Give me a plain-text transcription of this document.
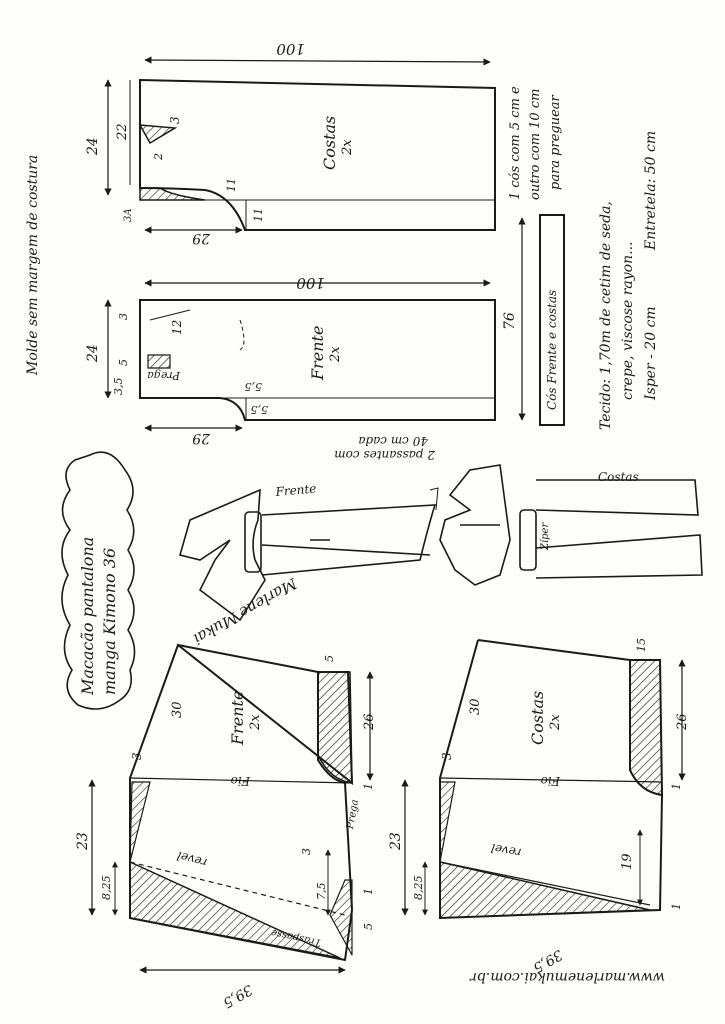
100
Costas 2x
24
22
3
2
11
11
3A
29
100
Frente 2x
24
3
12
5
3,5
Prega
5,5
5,5
29
Cós Frente e costas
76
Molde sem margem de costura
1 cós com 5 cm e outro com 10 cm para preguear
Tecido: 1,70m de cetim de seda, crepe, viscose rayon... Isper - 20 cm
Entretela: 50 cm
2 passantes com
40 cm cada
www.marlenemukai.com.br
Marlene Mukai
Macacão pantalona manga Kimono 36
Frente
Costas
Zíper
Frente 2x
30
3
5
26
Fio
23
8,25
revel
Prega
3
7,5
Traspasse
1
1
5
39,5
Costas 2x
30
3
15
26
Fio
23
8,25
revel
19
1
1
39,5
